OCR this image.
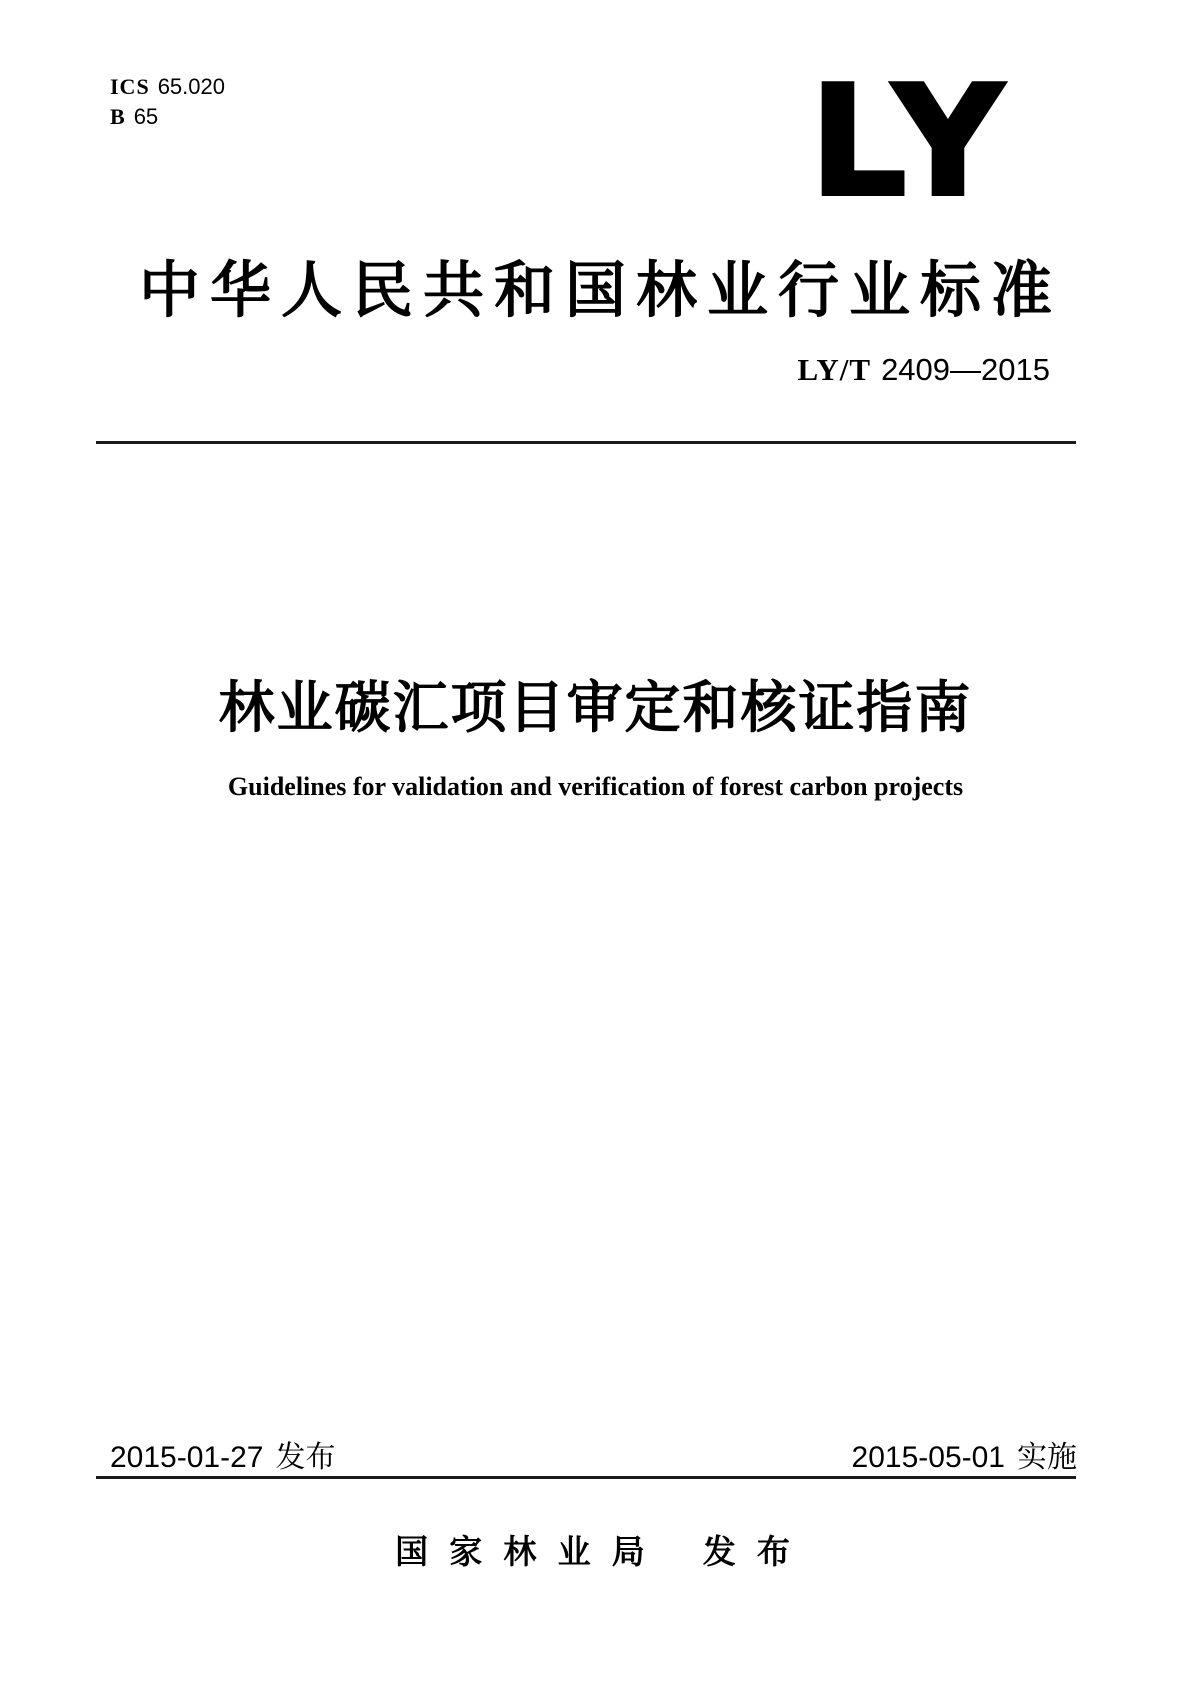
ICS 65.020
B 65	LY
中华人民共和国林业行业标准
LY/T 2409—2015
林业碳汇项目审定和核证指南
Guidelines for validation and verification of forest carbon projects
2015-01-27 发布	2015-05-01 实施
国 家 林 业 局 发 布
